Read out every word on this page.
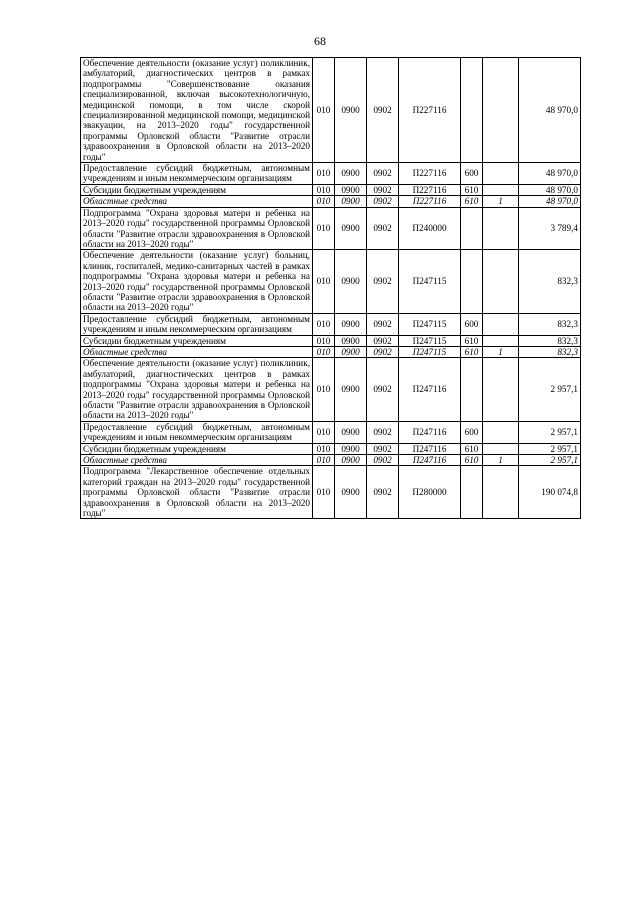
68
Обеспечение деятельности (оказание услуг) поликлиник, амбулаторий, диагностических центров в рамках подпрограммы "Совершенствование оказания специализированной, включая высокотехнологичную, медицинской помощи, в том числе скорой специализированной медицинской помощи, медицинской эвакуации, на 2013–2020 годы" государственной программы Орловской области "Развитие отрасли здравоохранения в Орловской области на 2013–2020 годы"	010	0900	0902	П227116			48 970,0
Предоставление субсидий бюджетным, автономным учреждениям и иным некоммерческим организациям	010	0900	0902	П227116	600		48 970,0
Субсидии бюджетным учреждениям	010	0900	0902	П227116	610		48 970,0
Областные средства	010	0900	0902	П227116	610	1	48 970,0
Подпрограмма "Охрана здоровья матери и ребенка на 2013–2020 годы" государственной программы Орловской области "Развитие отрасли здравоохранения в Орловской области на 2013–2020 годы"	010	0900	0902	П240000			3 789,4
Обеспечение деятельности (оказание услуг) больниц, клиник, госпиталей, медико-санитарных частей в рамках подпрограммы "Охрана здоровья матери и ребенка на 2013–2020 годы" государственной программы Орловской области "Развитие отрасли здравоохранения в Орловской области на 2013–2020 годы"	010	0900	0902	П247115			832,3
Предоставление субсидий бюджетным, автономным учреждениям и иным некоммерческим организациям	010	0900	0902	П247115	600		832,3
Субсидии бюджетным учреждениям	010	0900	0902	П247115	610		832,3
Областные средства	010	0900	0902	П247115	610	1	832,3
Обеспечение деятельности (оказание услуг) поликлиник, амбулаторий, диагностических центров в рамках подпрограммы "Охрана здоровья матери и ребенка на 2013–2020 годы" государственной программы Орловской области "Развитие отрасли здравоохранения в Орловской области на 2013–2020 годы"	010	0900	0902	П247116			2 957,1
Предоставление субсидий бюджетным, автономным учреждениям и иным некоммерческим организациям	010	0900	0902	П247116	600		2 957,1
Субсидии бюджетным учреждениям	010	0900	0902	П247116	610		2 957,1
Областные средства	010	0900	0902	П247116	610	1	2 957,1
Подпрограмма "Лекарственное обеспечение отдельных категорий граждан на 2013–2020 годы" государственной программы Орловской области "Развитие отрасли здравоохранения в Орловской области на 2013–2020 годы"	010	0900	0902	П280000			190 074,8
